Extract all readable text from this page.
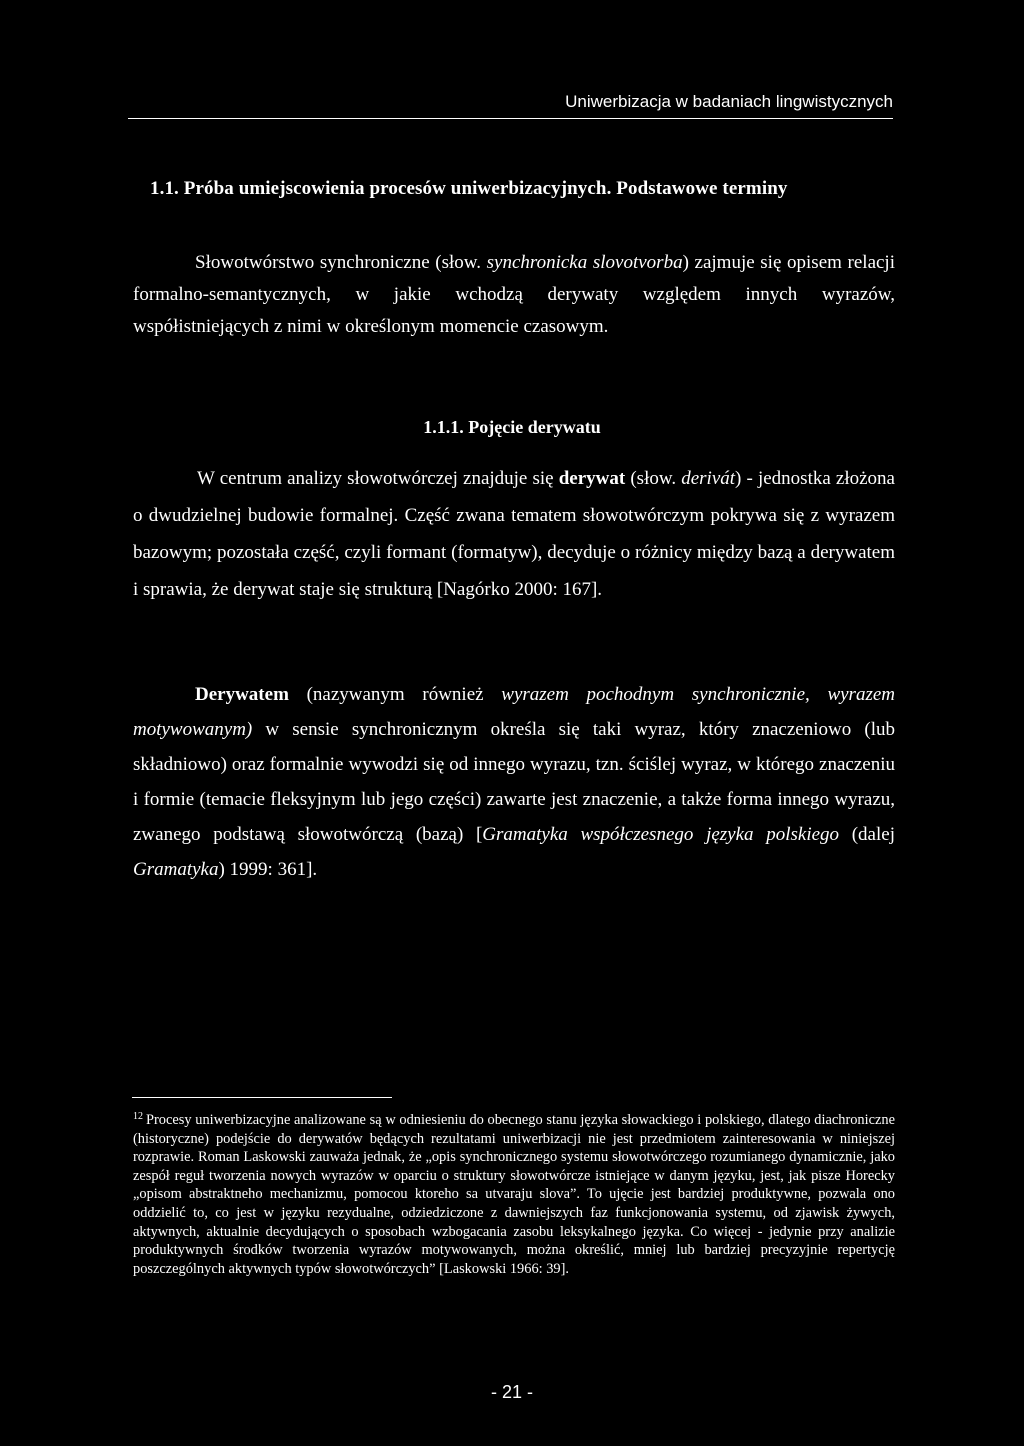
Uniwerbizacja w badaniach lingwistycznych
1.1. Próba umiejscowienia procesów uniwerbizacyjnych. Podstawowe terminy

Słowotwórstwo synchroniczne (słow. synchronicka slovotvorba) zajmuje się opisem relacji formalno-semantycznych, w jakie wchodzą derywaty względem innych wyrazów, współistniejących z nimi w określonym momencie czasowym.

1.1.1. Pojęcie derywatu

W centrum analizy słowotwórczej znajduje się derywat (słow. derivát) - jednostka złożona o dwudzielnej budowie formalnej. Część zwana tematem słowotwórczym pokrywa się z wyrazem bazowym; pozostała część, czyli formant (formatyw), decyduje o różnicy między bazą a derywatem i sprawia, że derywat staje się strukturą [Nagórko 2000: 167].

Derywatem (nazywanym również wyrazem pochodnym synchronicznie, wyrazem motywowanym) w sensie synchronicznym określa się taki wyraz, który znaczeniowo (lub składniowo) oraz formalnie wywodzi się od innego wyrazu, tzn. ściślej wyraz, w którego znaczeniu i formie (temacie fleksyjnym lub jego części) zawarte jest znaczenie, a także forma innego wyrazu, zwanego podstawą słowotwórczą (bazą) [Gramatyka współczesnego języka polskiego (dalej Gramatyka) 1999: 361].

$^{12}$ Procesy uniwerbizacyjne analizowane są w odniesieniu do obecnego stanu języka słowackiego i polskiego, dlatego diachroniczne (historyczne) podejście do derywatów będących rezultatami uniwerbizacji nie jest przedmiotem zainteresowania w niniejszej rozprawie. Roman Laskowski zauważa jednak, że „opis synchronicznego systemu słowotwórczego rozumianego dynamicznie, jako zespół reguł tworzenia nowych wyrazów w oparciu o struktury słowotwórcze istniejące w danym języku, jest, jak pisze Horecky „opisom abstraktneho mechanizmu, pomocou ktoreho sa utvaraju slova”. To ujęcie jest bardziej produktywne, pozwala ono oddzielić to, co jest w języku rezydualne, odziedziczone z dawniejszych faz funkcjonowania systemu, od zjawisk żywych, aktywnych, aktualnie decydujących o sposobach wzbogacania zasobu leksykalnego języka. Co więcej - jedynie przy analizie produktywnych środków tworzenia wyrazów motywowanych, można określić, mniej lub bardziej precyzyjnie repertycję poszczególnych aktywnych typów słowotwórczych” [Laskowski 1966: 39].

- 21 -
